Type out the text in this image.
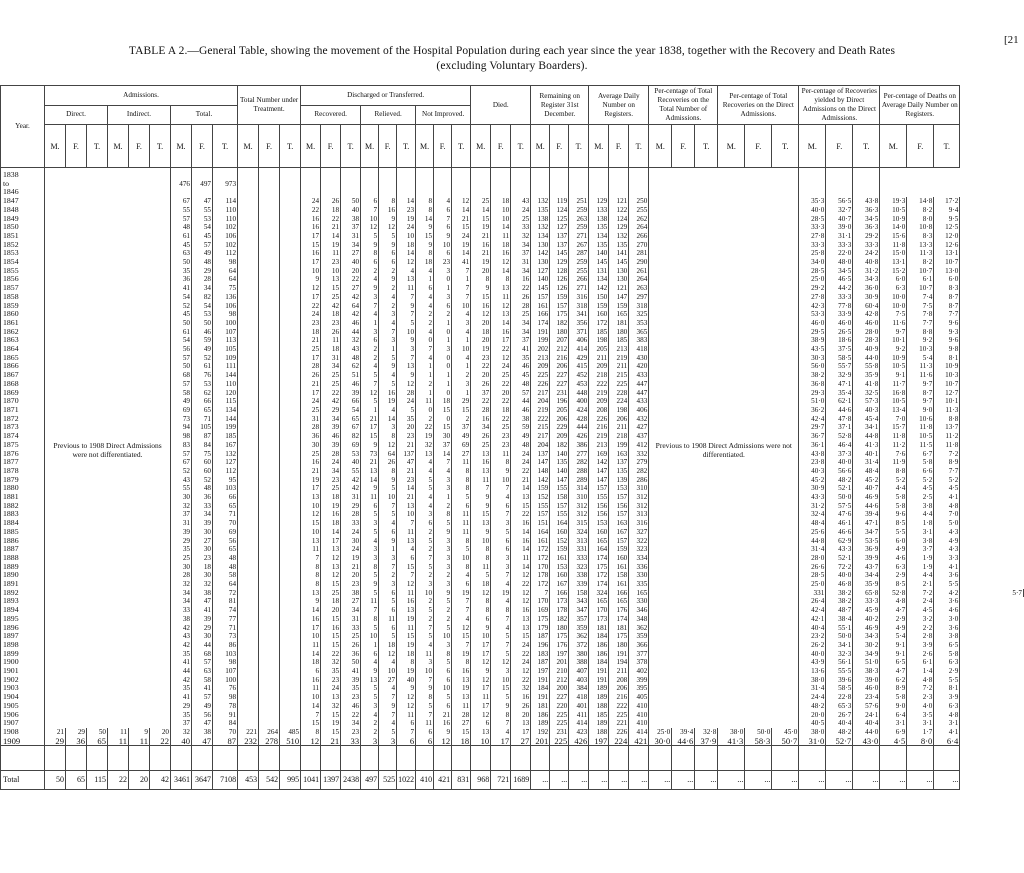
[21
TABLE A 2.—General Table, showing the movement of the Hospital Population during each year since the year 1838, together with the Recovery and Death Rates
(excluding Voluntary Boarders).
Year.	Admissions.									Total Number under Treatment.			Discharged or Transferred.									Died.			Remaining on Register 31st December.			Average Daily Number on Registers.			Per-centage of Total Recoveries on the Total Number of Admissions.			Per-centage of Total Recoveries on the Direct Admissions.			Per-centage of Recoveries yielded by Direct Admissions on the Direct Admissions.			Per-centage of Deaths on Average Daily Number on Registers.			
	Direct.			Indirect.			Total.						Recovered.			Relieved.			Not Improved.																								
	M.	F.	T.	M.	F.	T.	M.	F.	T.	M.	F.	T.	M.	F.	T.	M.	F.	T.	M.	F.	T.	M.	F.	T.	M.	F.	T.	M.	F.	T.	M.	F.	T.	M.	F.	T.	M.	F.	T.	M.	F.	T.	

1838
to
1846	Previous to 1908 Direct Admissions were not differentiated.						476	497	973																						Previous to 1908 Direct Admissions were not differentiated.												
1847							67	47	114				24	26	50	6	8	14	8	4	12	25	18	43	132	119	251	129	121	250							35·3	56·5	43·8	19·3	14·8	17·2	
1848							55	55	110				22	18	40	7	16	23	8	6	14	14	10	24	135	124	259	133	122	255							40·0	32·7	36·3	10·5	8·2	9·4	
1849							57	53	110				16	22	38	10	9	19	14	7	21	15	10	25	138	125	263	138	124	262							28·5	40·7	34·5	10·9	8·0	9·5	
1850							48	54	102				16	21	37	12	12	24	9	6	15	19	14	33	132	127	259	135	129	264							33·3	39·0	36·3	14·0	10·8	12·5	
1851							61	45	106				17	14	31	5	5	10	15	9	24	21	11	32	134	137	271	134	132	266							27·8	31·1	29·2	15·6	8·3	12·0	
1852							45	57	102				15	19	34	9	9	18	9	10	19	16	18	34	130	137	267	135	135	270							33·3	33·3	33·3	11·8	13·3	12·6	
1853							63	49	112				16	11	27	8	6	14	8	6	14	21	16	37	142	145	287	140	141	281							25·8	22·0	24·2	15·0	11·3	13·1	
1854							50	48	98				17	23	40	6	6	12	18	23	41	19	12	31	130	129	259	145	145	290							34·0	48·0	40·8	13·1	8·2	10·7	
1855							35	29	64				10	10	20	2	2	4	4	3	7	20	14	34	127	128	255	131	130	261							28·5	34·5	31·2	15·2	10·7	13·0	
1856							36	28	64				9	13	22	4	9	13	1	0	1	8	8	16	140	126	266	134	130	264							25·0	46·5	34·3	6·0	6·1	6·0	
1857							41	34	75				12	15	27	9	2	11	6	1	7	9	13	22	145	126	271	142	121	263							29·2	44·2	36·0	6·3	10·7	8·3	
1858							54	82	136				17	25	42	3	4	7	4	3	7	15	11	26	157	159	316	150	147	297							27·8	33·3	30·9	10·0	7·4	8·7	
1859							52	54	106				22	42	64	7	2	9	4	6	10	16	12	28	161	157	318	159	159	318							42·3	77·8	60·4	10·0	7·5	8·7	
1860							45	53	98				24	18	42	4	3	7	2	2	4	12	13	25	166	175	341	160	165	325							53·3	33·9	42·8	7·5	7·8	7·7	
1861							50	50	100				23	23	46	1	4	5	2	1	3	20	14	34	174	182	356	172	181	353							46·0	46·0	46·0	11·6	7·7	9·6	
1862							61	46	107				18	26	44	3	7	10	4	0	4	18	16	34	191	180	371	185	180	365							29·5	26·5	28·0	9·7	8·8	9·3	
1863							54	59	113				21	11	32	6	3	9	0	1	1	20	17	37	199	207	406	198	185	383							38·9	18·6	28·3	10·1	9·2	9·6	
1864							56	49	105				25	18	43	2	1	3	7	3	10	19	22	41	202	212	414	205	213	418							43·5	37·5	40·9	9·2	10·3	9·8	
1865							57	52	109				17	31	48	2	5	7	4	0	4	23	12	35	213	216	429	211	219	430							30·3	58·5	44·0	10·9	5·4	8·1	
1866							50	61	111				28	34	62	4	9	13	1	0	1	22	24	46	209	206	415	209	211	420							56·0	55·7	55·8	10·5	11·3	10·9	
1867							68	76	144				26	25	51	5	4	9	1	1	2	20	25	45	225	227	452	218	215	433							38·2	32·9	35·9	9·1	11·6	10·3	
1868							57	53	110				21	25	46	7	5	12	2	1	3	26	22	48	226	227	453	222	225	447							36·8	47·1	41·8	11·7	9·7	10·7	
1869							58	62	120				17	22	39	12	16	28	1	0	1	37	20	57	217	231	448	219	228	447							29·3	35·4	32·5	16·8	8·7	12·7	
1870							49	66	115				24	42	66	5	19	24	11	18	29	22	22	44	204	196	400	209	224	433							51·0	62·1	57·3	10·5	9·7	10·1	
1871							69	65	134				25	29	54	1	4	5	0	15	15	28	18	46	219	205	424	208	198	406							36·2	44·6	40·3	13·4	9·0	11·3	
1872							73	71	144				31	34	65	21	14	35	2	0	2	16	22	38	222	206	428	226	206	432							42·4	47·8	45·4	7·0	10·6	8·8	
1873							94	105	199				28	39	67	17	3	20	22	15	37	34	25	59	215	229	444	216	211	427							29·7	37·1	34·1	15·7	11·8	13·7	
1874							98	87	185				36	46	82	15	8	23	19	30	49	26	23	49	217	209	426	219	218	437							36·7	52·8	44·8	11·8	10·5	11·2	
1875							83	84	167				30	39	69	9	12	21	32	37	69	25	23	48	204	182	386	213	199	412							36·1	46·4	41·3	11·2	11·5	11·8	
1876							57	75	132				25	28	53	73	64	137	13	14	27	13	11	24	137	140	277	169	163	332							43·8	37·3	40·1	7·6	6·7	7·2	
1877							67	60	127				16	24	40	21	26	47	4	7	11	16	8	24	147	135	282	142	137	279							23·8	40·0	31·4	11·9	5·8	8·9	
1878							52	60	112				21	34	55	13	8	21	4	4	8	13	9	22	148	140	288	147	135	282							40·3	56·6	48·4	8·8	6·6	7·7	
1879							43	52	95				19	23	42	14	9	23	5	3	8	11	10	21	142	147	289	147	139	286							45·2	48·2	45·2	5·2	5·2	5·2	
1880							55	48	103				17	25	42	9	5	14	5	3	8	7	7	14	159	155	314	157	153	310							30·9	52·1	40·7	4·4	4·5	4·5	
1881							30	36	66				13	18	31	11	10	21	4	1	5	9	4	13	152	158	310	155	157	312							43·3	50·0	46·9	5·8	2·5	4·1	
1882							32	33	65				10	19	29	6	7	13	4	2	6	9	6	15	155	157	312	156	156	312							31·2	57·5	44·6	5·8	3·8	4·8	
1883							37	34	71				12	16	28	5	5	10	3	8	11	15	7	22	157	155	312	156	157	313							32·4	47·6	39·4	9·6	4·4	7·0	
1884							31	39	70				15	18	33	3	4	7	6	5	11	13	3	16	151	164	315	153	163	316							48·4	46·1	47·1	8·5	1·8	5·0	
1885							39	30	69				10	14	24	5	6	11	2	9	11	9	5	14	164	160	324	160	167	327							25·6	46·6	34·7	5·5	3·1	4·3	
1886							29	27	56				13	17	30	4	9	13	5	3	8	10	6	16	161	152	313	165	157	322							44·8	62·9	53·5	6·0	3·8	4·9	
1887							35	30	65				11	13	24	3	1	4	2	3	5	8	6	14	172	159	331	164	159	323							31·4	43·3	36·9	4·9	3·7	4·3	
1888							25	23	48				7	12	19	3	3	6	7	3	10	8	3	11	172	161	333	174	160	334							28·0	52·1	39·9	4·6	1·9	3·3	
1889							30	18	48				8	13	21	8	7	15	5	3	8	11	3	14	170	153	323	175	161	336							26·6	72·2	43·7	6·3	1·9	4·1	
1890							28	30	58				8	12	20	5	2	7	2	2	4	5	7	12	178	160	338	172	158	330							28·5	40·0	34·4	2·9	4·4	3·6	
1891							32	32	64				8	15	23	9	3	12	3	3	6	18	4	22	172	167	339	174	161	335							25·0	46·8	35·9	8·5	2·1	5·5	
1892							34	38	72				13	25	38	5	6	11	10	9	19	12	19	12	7	166	158	324	166	165							331	38·2	65·8	52·8	7·2	4·2	5·7
1893							34	47	81				9	18	27	11	5	16	2	5	7	8	4	12	170	173	343	165	165	330							26·4	38·2	33·3	4·8	2·4	3·6	
1894							33	41	74				14	20	34	7	6	13	5	2	7	8	8	16	169	178	347	170	176	346							42·4	48·7	45·9	4·7	4·5	4·6	
1895							38	39	77				16	15	31	8	11	19	2	2	4	6	7	13	175	182	357	173	174	348							42·1	38·4	40·2	2·9	3·2	3·0	
1896							42	29	71				17	16	33	5	6	11	7	5	12	9	4	13	179	180	359	181	181	362							40·4	55·1	46·9	4·9	2·2	3·6	
1897							43	30	73				10	15	25	10	5	15	5	10	15	10	5	15	187	175	362	184	175	359							23·2	50·0	34·3	5·4	2·8	3·8	
1898							42	44	86				11	15	26	1	18	19	4	3	7	17	7	24	196	176	372	186	180	366							26·2	34·1	30·2	9·1	3·9	6·5	
1899							35	68	103				14	22	36	6	12	18	11	8	19	17	5	22	183	197	380	186	191	377							40·0	32·3	34·9	9·1	2·6	5·8	
1900							41	57	98				18	32	50	4	4	8	3	5	8	12	12	24	187	201	388	184	194	378							43·9	56·1	51·0	6·5	6·1	6·3	
1901							44	63	107				6	35	41	9	10	19	10	6	16	9	3	12	197	210	407	191	211	402							13·6	55·5	38·3	4·7	1·4	2·9	
1902							42	58	100				16	23	39	13	27	40	7	6	13	12	10	22	191	212	403	191	208	399							38·0	39·6	39·0	6·2	4·8	5·5	
1903							35	41	76				11	24	35	5	4	9	9	10	19	17	15	32	184	200	384	189	206	395							31·4	58·5	46·0	8·9	7·2	8·1	
1904							41	57	98				10	13	23	5	7	12	8	5	13	11	5	16	191	227	418	189	216	405							24·4	22·8	23·4	5·8	2·3	3·9	
1905							29	49	78				14	32	46	3	9	12	5	6	11	17	9	26	181	220	401	188	222	410							48·2	65·3	57·6	9·0	4·0	6·3	
1906							35	56	91				7	15	22	4	7	11	7	21	28	12	8	20	186	225	411	185	225	410							20·0	26·7	24·1	6·4	3·5	4·8	
1907							37	47	84				15	19	34	2	4	6	11	16	27	6	7	13	189	225	414	189	221	410							40·5	40·4	40·4	3·1	3·1	3·1	
1908	21	29	50	11	9	20	32	38	70	221	264	485	8	15	23	2	5	7	6	9	15	13	4	17	192	231	423	188	226	414	25·0	39·4	32·8	38·0	50·0	45·0	38·0	48·2	44·0	6·9	1·7	4·1	
1909	29	36	65	11	11	22	40	47	87	232	278	510	12	21	33	3	3	6	6	12	18	10	17	27	201	225	426	197	224	421	30·0	44·6	37·9	41·3	58·3	50·7	31·0	52·7	43·0	4·5	8·0	6·4	

Total	50	65	115	22	20	42	3461	3647	7108	453	542	995	1041	1397	2438	497	525	1022	410	421	831	968	721	1689	...	...	...	...	...	...	...	...	...	...	...	...	...	...	...	...	...	...	
